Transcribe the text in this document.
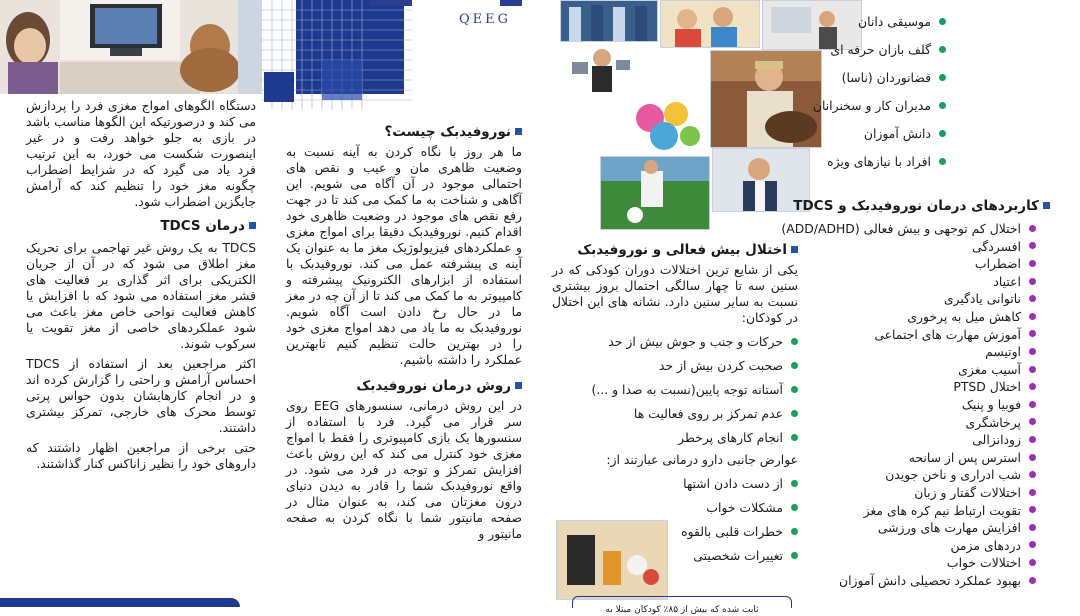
QEEG

دستگاه الگوهای امواج مغزی فرد را پردازش می کند و درصورتیکه این الگوها مناسب باشد در بازی به جلو خواهد رفت و در غیر اینصورت شکست می خورد، به این ترتیب فرد یاد می گیرد که در شرایط اضطراب چگونه مغز خود را تنظیم کند که آرامش جایگزین اضطراب شود.

درمان TDCS

TDCS به یک روش غیر تهاجمی برای تحریک مغز اطلاق می شود که در آن از جریان الکتریکی برای اثر گذاری بر فعالیت های قشر مغز استفاده می شود که با افزایش یا کاهش فعالیت نواحی خاص مغز باعث می شود عملکردهای خاصی از مغز تقویت یا سرکوب شوند.

اکثر مراجعین بعد از استفاده از TDCS احساس آرامش و راحتی را گزارش کرده اند و در انجام کارهایشان بدون حواس پرتی توسط محرک های خارجی، تمرکز بیشتری داشتند.

حتی برخی از مراجعین اظهار داشتند که داروهای خود را نظیر زاناکس کنار گذاشتند.

نوروفیدبک چیست؟

ما هر روز با نگاه کردن به آینه نسبت به وضعیت ظاهری مان و عیب و نقص های احتمالی موجود در آن آگاه می شویم. این آگاهی و شناخت به ما کمک می کند تا در جهت رفع نقص های موجود در وضعیت ظاهری خود اقدام کنیم. نوروفیدبک دقیقا برای امواج مغزی و عملکردهای فیزیولوژیک مغز ما به عنوان یک آینه ی پیشرفته عمل می کند. نوروفیدبک با استفاده از ابزارهای الکترونیک پیشرفته و کامپیوتر به ما کمک می کند تا از آن چه در مغز ما در حال رخ دادن است آگاه شویم. نوروفیدبک به ما یاد می دهد امواج مغزی خود را در بهترین حالت تنظیم کنیم تابهترین عملکرد را داشته باشیم.

روش درمان نوروفیدبک

در این روش درمانی، سنسورهای EEG روی سر قرار می گیرد. فرد با استفاده از سنسورها یک بازی کامپیوتری را فقط با امواج مغزی خود کنترل می کند که این روش باعث افزایش تمرکز و توجه در فرد می شود. در واقع نوروفیدبک شما را قادر به دیدن دنیای درون مغزتان می کند، به عنوان مثال در صفحه مانیتور شما با نگاه کردن به صفحه مانیتور و

اختلال بیش فعالی و نوروفیدبک

یکی از شایع ترین اختلالات دوران کودکی که در سنین سه تا چهار سالگی احتمال بروز بیشتری نسبت به سایر سنین دارد. نشانه های این اختلال در کودکان:

حرکات و جنب و جوش بیش از حد
صحبت کردن بیش از حد
آستانه توجه پایین(نسبت به صدا و ...)
عدم تمرکز بر روی فعالیت ها
انجام کارهای پرخطر

عوارض جانبی دارو درمانی عبارتند از:

از دست دادن اشتها
مشکلات خواب
خطرات قلبی بالقوه
تغییرات شخصیتی
ثابت شده که بیش از ۸۵٪ کودکان مبتلا به
موسیقی دانان
گلف بازان حرفه ای
فضانوردان (ناسا)
مدیران کار و سخنرانان
دانش آموزان
افراد با نیازهای ویژه

کاربردهای درمان نوروفیدبک و TDCS

اختلال کم توجهی و بیش فعالی (ADD/ADHD)
افسردگی
اضطراب
اعتیاد
ناتوانی یادگیری
کاهش میل به پرخوری
آموزش مهارت های اجتماعی
اوتیسم
آسیب مغزی
اختلال PTSD
فوبیا و پنیک
پرخاشگری
زودانزالی
استرس پس از سانحه
شب ادراری و ناخن جویدن
اختلالات گفتار و زبان
تقویت ارتباط نیم کره های مغز
افزایش مهارت های ورزشی
دردهای مزمن
اختلالات خواب
بهبود عملکرد تحصیلی دانش آموزان
